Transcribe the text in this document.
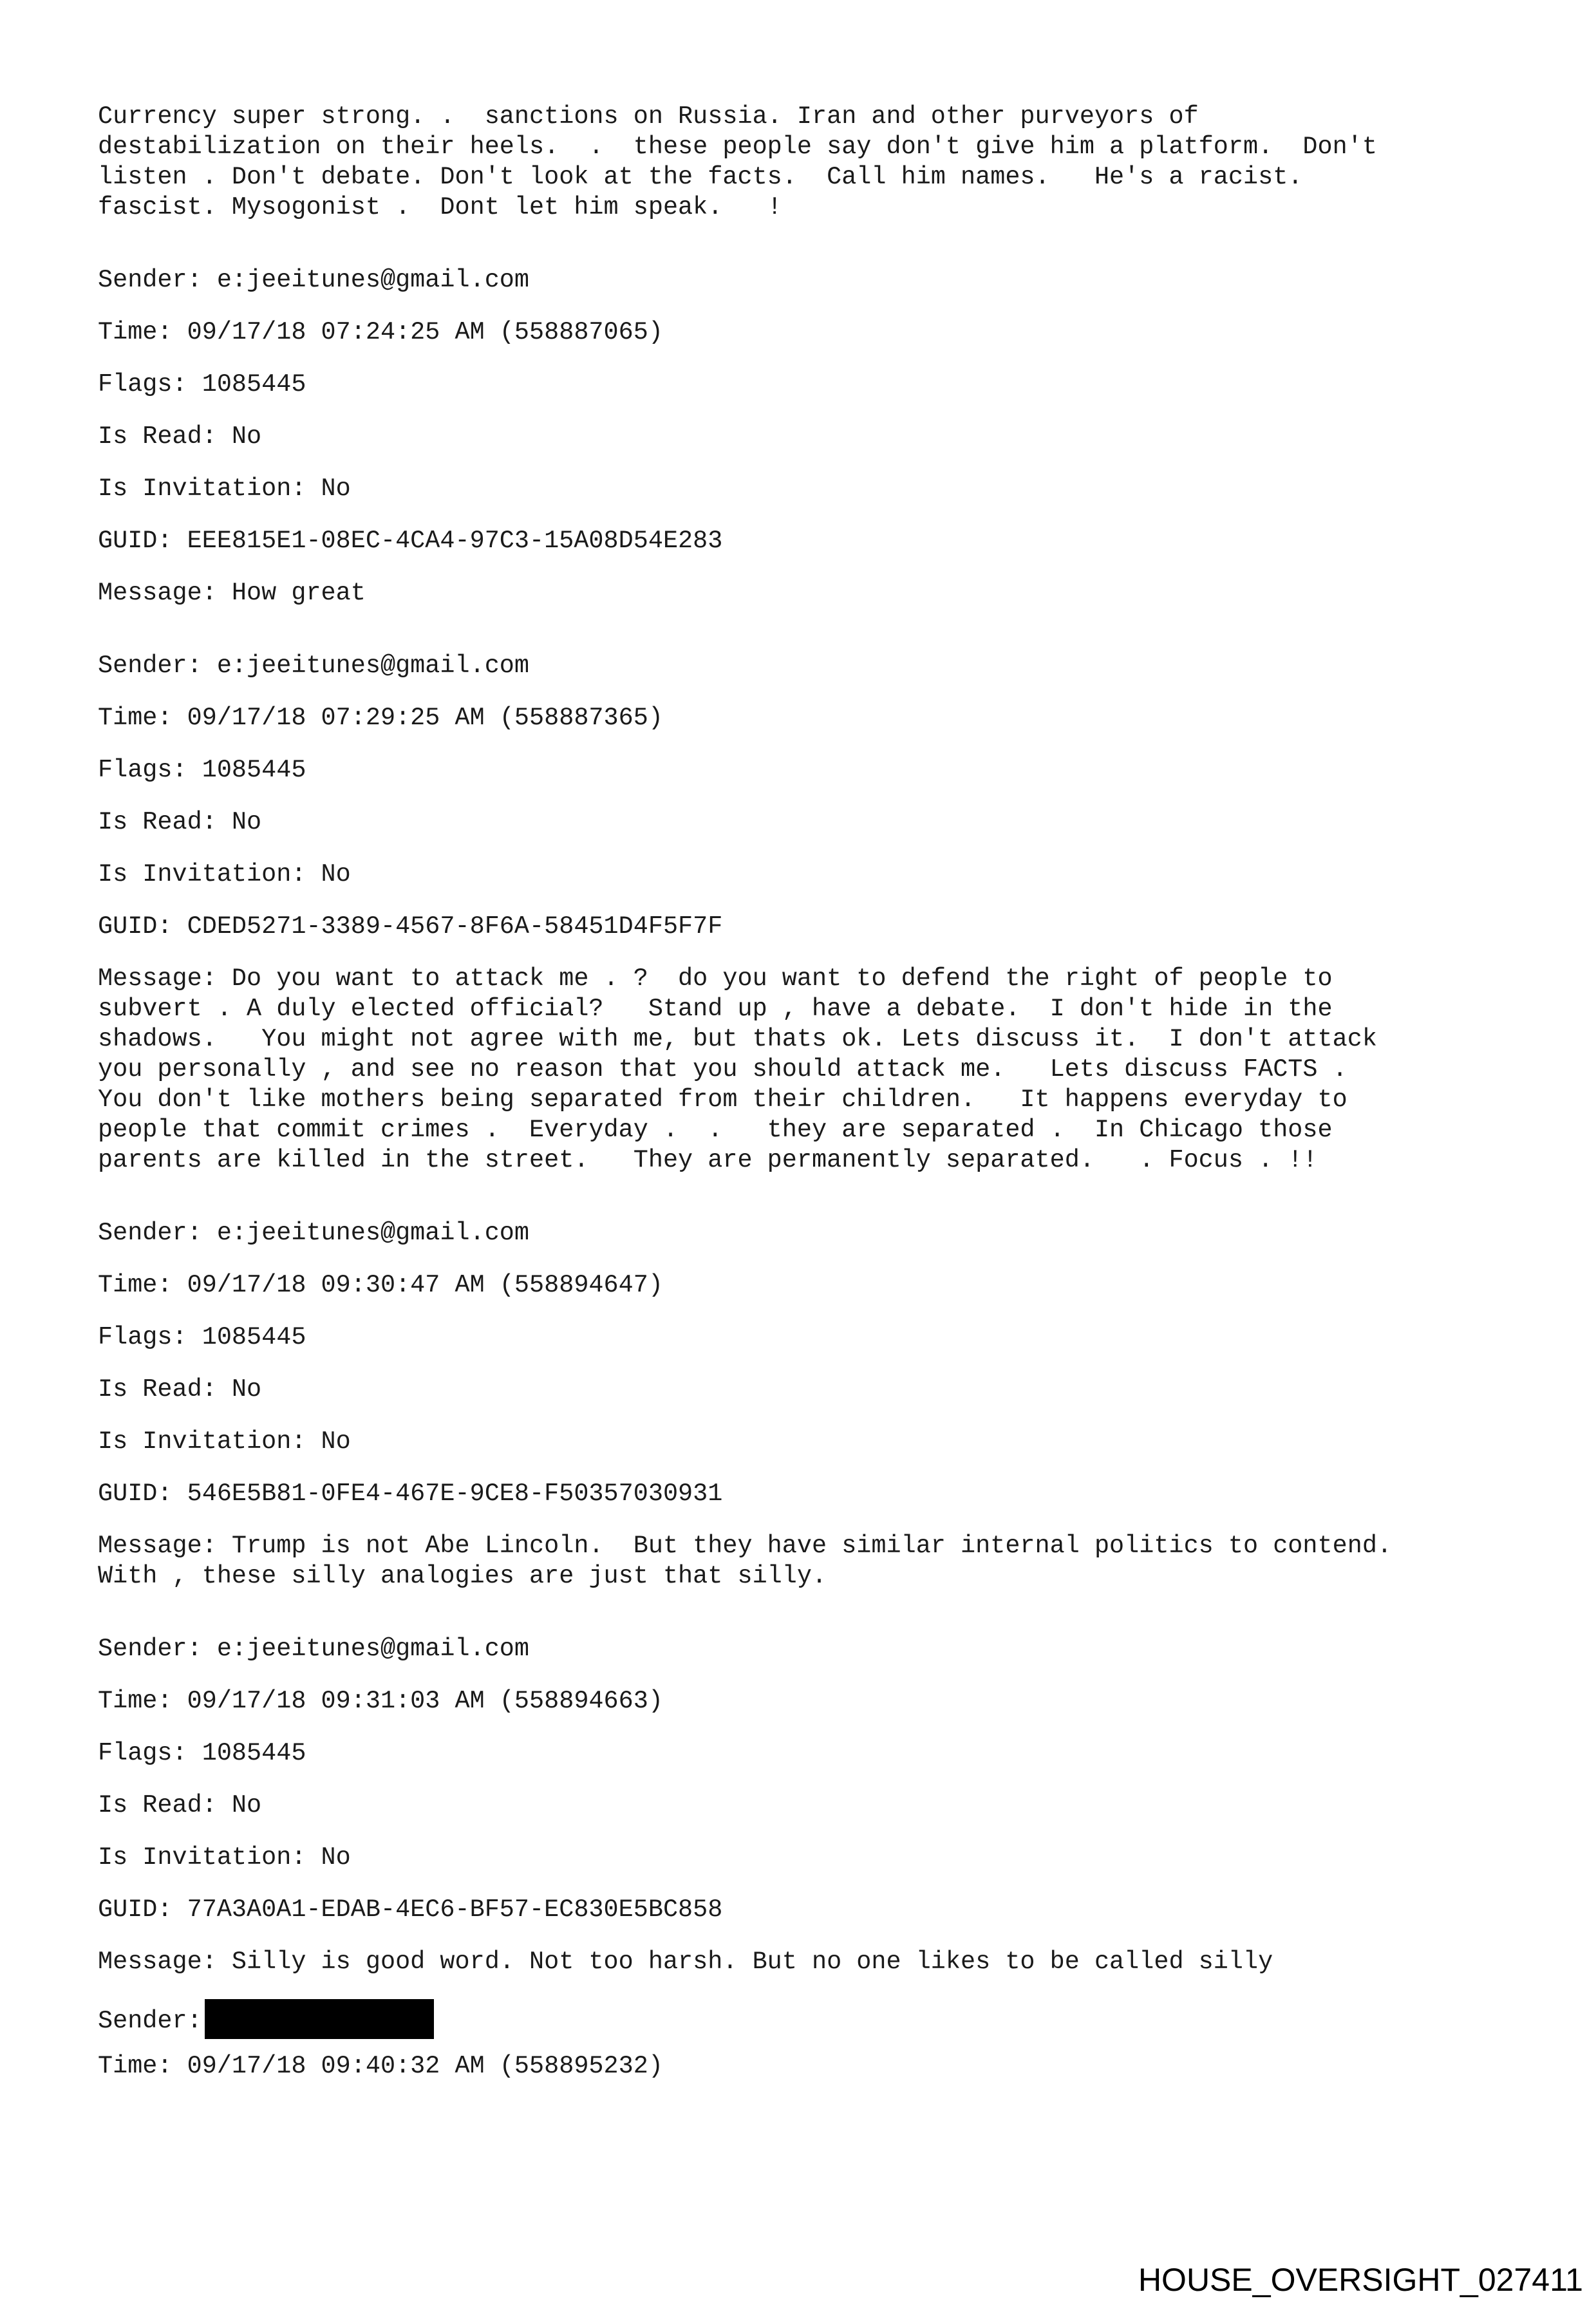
Currency super strong. .  sanctions on Russia. Iran and other purveyors of
destabilization on their heels.  .  these people say don't give him a platform.  Don't
listen . Don't debate. Don't look at the facts.  Call him names.   He's a racist.
fascist. Mysogonist .  Dont let him speak.   !
Sender: e:jeeitunes@gmail.com
Time: 09/17/18 07:24:25 AM (558887065)
Flags: 1085445
Is Read: No
Is Invitation: No
GUID: EEE815E1-08EC-4CA4-97C3-15A08D54E283
Message: How great
Sender: e:jeeitunes@gmail.com
Time: 09/17/18 07:29:25 AM (558887365)
Flags: 1085445
Is Read: No
Is Invitation: No
GUID: CDED5271-3389-4567-8F6A-58451D4F5F7F
Message: Do you want to attack me . ?  do you want to defend the right of people to
subvert . A duly elected official?   Stand up , have a debate.  I don't hide in the
shadows.   You might not agree with me, but thats ok. Lets discuss it.  I don't attack
you personally , and see no reason that you should attack me.   Lets discuss FACTS .
You don't like mothers being separated from their children.   It happens everyday to
people that commit crimes .  Everyday .  .   they are separated .  In Chicago those
parents are killed in the street.   They are permanently separated.   . Focus . !!
Sender: e:jeeitunes@gmail.com
Time: 09/17/18 09:30:47 AM (558894647)
Flags: 1085445
Is Read: No
Is Invitation: No
GUID: 546E5B81-0FE4-467E-9CE8-F50357030931
Message: Trump is not Abe Lincoln.  But they have similar internal politics to contend.
With , these silly analogies are just that silly.
Sender: e:jeeitunes@gmail.com
Time: 09/17/18 09:31:03 AM (558894663)
Flags: 1085445
Is Read: No
Is Invitation: No
GUID: 77A3A0A1-EDAB-4EC6-BF57-EC830E5BC858
Message: Silly is good word. Not too harsh. But no one likes to be called silly
Sender:
Time: 09/17/18 09:40:32 AM (558895232)
HOUSE_OVERSIGHT_027411
